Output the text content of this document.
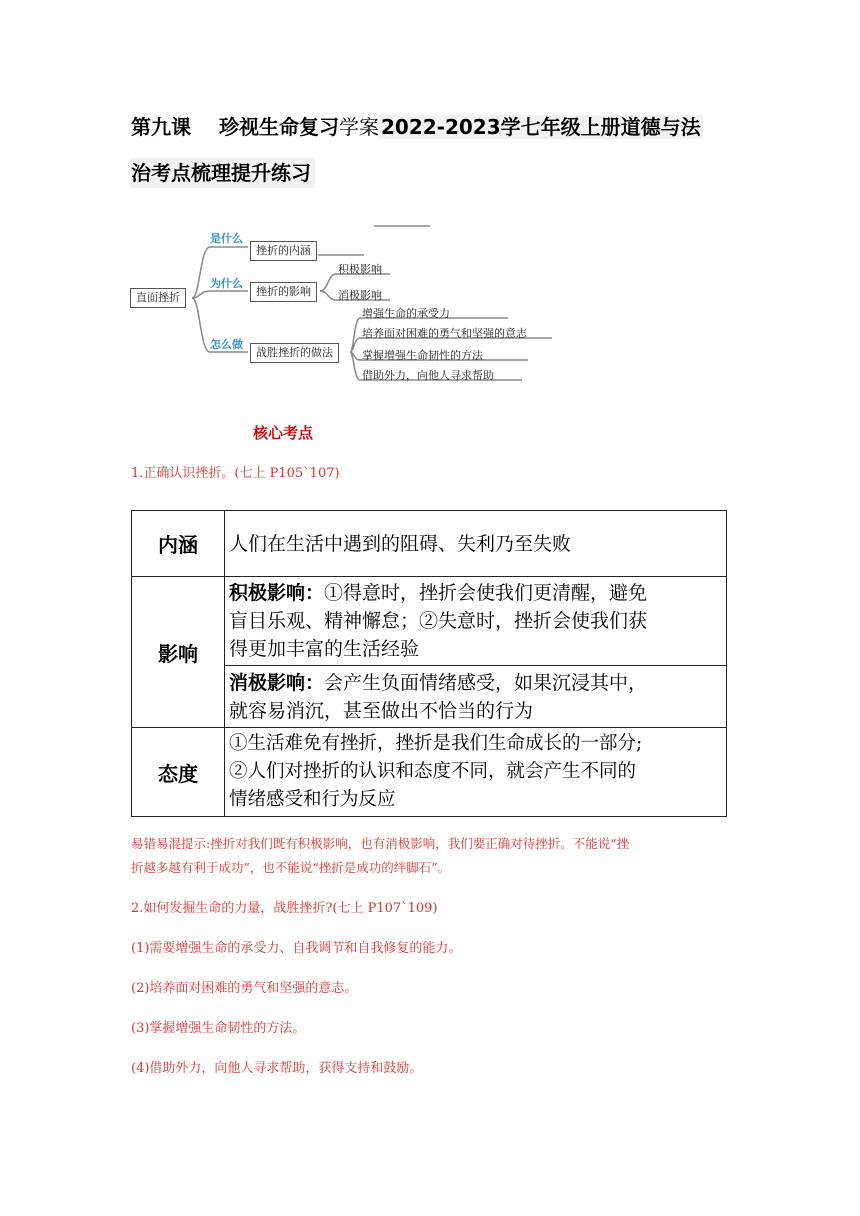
第九课 珍视生命复习学案 2022-2023学七年级上册道德与法
治考点梳理提升练习
直面挫折
是什么
为什么
怎么做
挫折的内涵
挫折的影响
战胜挫折的做法
积极影响
消极影响
增强生命的承受力
培养面对困难的勇气和坚强的意志
掌握增强生命韧性的方法
借助外力，向他人寻求帮助
核心考点
1.正确认识挫折。(七上 P105`107)
内涵	人们在生活中遇到的阻碍、失利乃至失败
影响	积极影响：①得意时，挫折会使我们更清醒，避免
盲目乐观、精神懈怠；②失意时，挫折会使我们获
得更加丰富的生活经验
	消极影响：会产生负面情绪感受，如果沉浸其中，
就容易消沉，甚至做出不恰当的行为
态度	①生活难免有挫折，挫折是我们生命成长的一部分;
②人们对挫折的认识和态度不同，就会产生不同的
情绪感受和行为反应
易错易混提示:挫折对我们既有积极影响，也有消极影响，我们要正确对待挫折。不能说“挫
折越多越有利于成功”，也不能说“挫折是成功的绊脚石”。
2.如何发掘生命的力量，战胜挫折?(七上 P107`109)
(1)需要增强生命的承受力、自我调节和自我修复的能力。
(2)培养面对困难的勇气和坚强的意志。
(3)掌握增强生命韧性的方法。
(4)借助外力，向他人寻求帮助，获得支持和鼓励。
